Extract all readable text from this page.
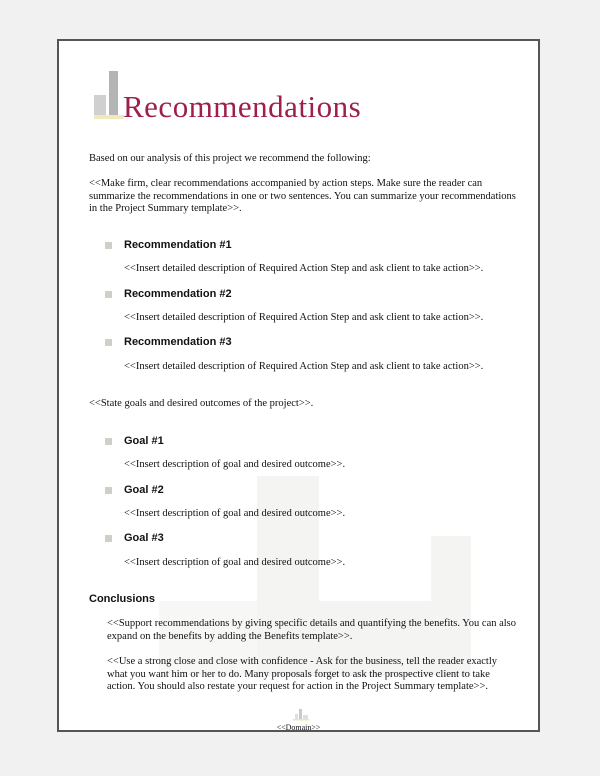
Recommendations

Based on our analysis of this project we recommend the following:

<<Make firm, clear recommendations accompanied by action steps. Make sure the reader can summarize the recommendations in one or two sentences. You can summarize your recommendations in the Project Summary template>>.

Recommendation #1
<<Insert detailed description of Required Action Step and ask client to take action>>.
Recommendation #2
<<Insert detailed description of Required Action Step and ask client to take action>>.
Recommendation #3
<<Insert detailed description of Required Action Step and ask client to take action>>.

<<State goals and desired outcomes of the project>>.

Goal #1
<<Insert description of goal and desired outcome>>.
Goal #2
<<Insert description of goal and desired outcome>>.
Goal #3
<<Insert description of goal and desired outcome>>.
Conclusions

<<Support recommendations by giving specific details and quantifying the benefits. You can also expand on the benefits by adding the Benefits template>>.

<<Use a strong close and close with confidence - Ask for the business, tell the reader exactly what you want him or her to do. Many proposals forget to ask the prospective client to take action. You should also restate your request for action in the Project Summary template>>.

<<Domain>>
